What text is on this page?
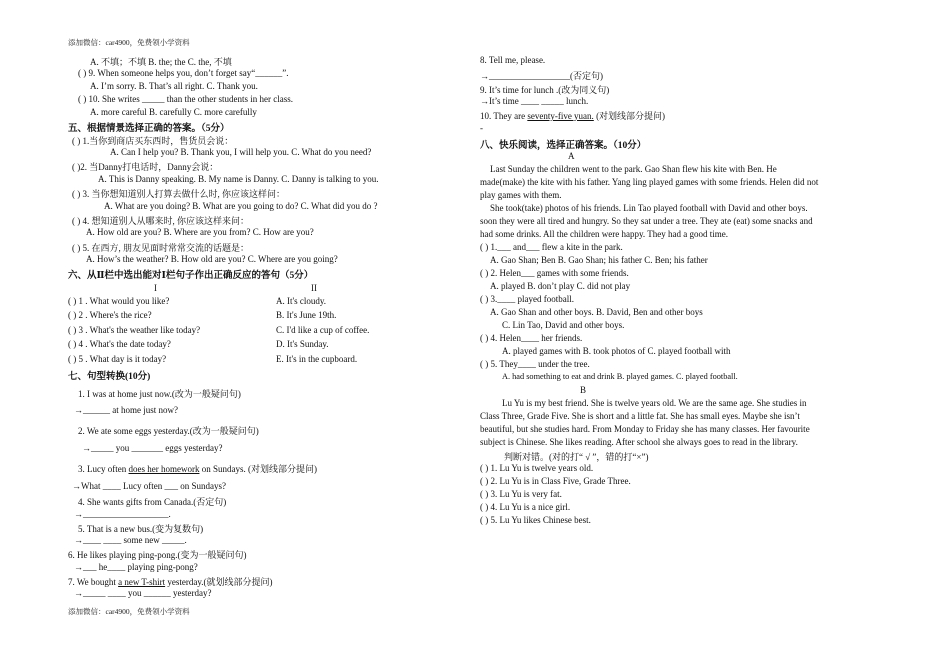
添加微信：car4900，免费领小学资料
添加微信：car4900，免费领小学资料
A. 不填；不填 B. the; the C. the, 不填
( ) 9. When someone helps you, don’t forget say“______”.
A. I’m sorry. B. That’s all right. C. Thank you.
( ) 10. She writes _____ than the other students in her class.
A. more careful B. carefully C. more carefully
五、根据情景选择正确的答案。（5分）
( ) 1.当你到商店买东西时，售货员会说：
A. Can I help you? B. Thank you, I will help you. C. What do you need?
( )2. 当Danny打电话时，Danny会说：
A. This is Danny speaking. B. My name is Danny. C. Danny is talking to you.
( ) 3. 当你想知道别人打算去做什么时, 你应该这样问：
A. What are you doing? B. What are you going to do? C. What did you do ?
( ) 4. 想知道别人从哪来时, 你应该这样来问：
A. How old are you? B. Where are you from? C. How are you?
( ) 5. 在西方, 朋友见面时常常交流的话题是：
A. How’s the weather? B. How old are you? C. Where are you going?
六、从Ⅱ栏中选出能对Ⅰ栏句子作出正确反应的答句（5分）
I	II
( ) 1 . What would you like?	A. It's cloudy.
( ) 2 . Where's the rice?	B. It's June 19th.
( ) 3 . What's the weather like today?	C. I'd like a cup of coffee.
( ) 4 . What's the date today?	D. It's Sunday.
( ) 5 . What day is it today?	E. It's in the cupboard.
七、句型转换(10分)
1. I was at home just now.(改为一般疑问句)
→______ at home just now?
2. We ate some eggs yesterday.(改为一般疑问句)
→_____ you _______ eggs yesterday?
3. Lucy often does her homework on Sundays. (对划线部分提问)
→What ____ Lucy often ___ on Sundays?
4. She wants gifts from Canada.(否定句)
→___________________.
5. That is a new bus.(变为复数句)
→____ ____ some new _____.
6. He likes playing ping-pong.(变为一般疑问句)
→___ he____ playing ping-pong?
7. We bought a new T-shirt yesterday.(就划线部分提问)
→_____ ____ you ______ yesterday?
8. Tell me, please.
→__________________(否定句)
9. It’s time for lunch .(改为同义句)
→It’s time ____ _____ lunch.
10. They are seventy-five yuan. (对划线部分提问)
-
八、快乐阅读，选择正确答案。（10分）
A
Last Sunday the children went to the park. Gao Shan flew his kite with Ben. He
made(make) the kite with his father. Yang ling played games with some friends. Helen did not
play games with them.
She took(take) photos of his friends. Lin Tao played football with David and other boys.
soon they were all tired and hungry. So they sat under a tree. They ate (eat) some snacks and
had some drinks. All the children were happy. They had a good time.
( ) 1.___ and___ flew a kite in the park.
A. Gao Shan; Ben B. Gao Shan; his father C. Ben; his father
( ) 2. Helen___ games with some friends.
A. played B. don’t play C. did not play
( ) 3.____ played football.
A. Gao Shan and other boys. B. David, Ben and other boys
C. Lin Tao, David and other boys.
( ) 4. Helen____ her friends.
A. played games with B. took photos of C. played football with
( ) 5. They____ under the tree.
A. had something to eat and drink B. played games. C. played football.
B
Lu Yu is my best friend. She is twelve years old. We are the same age. She studies in
Class Three, Grade Five. She is short and a little fat. She has small eyes. Maybe she isn’t
beautiful, but she studies hard. From Monday to Friday she has many classes. Her favourite
subject is Chinese. She likes reading. After school she always goes to read in the library.
判断对错。(对的打“ √ ”，错的打“×”)
( ) 1. Lu Yu is twelve years old.
( ) 2. Lu Yu is in Class Five, Grade Three.
( ) 3. Lu Yu is very fat.
( ) 4. Lu Yu is a nice girl.
( ) 5. Lu Yu likes Chinese best.
